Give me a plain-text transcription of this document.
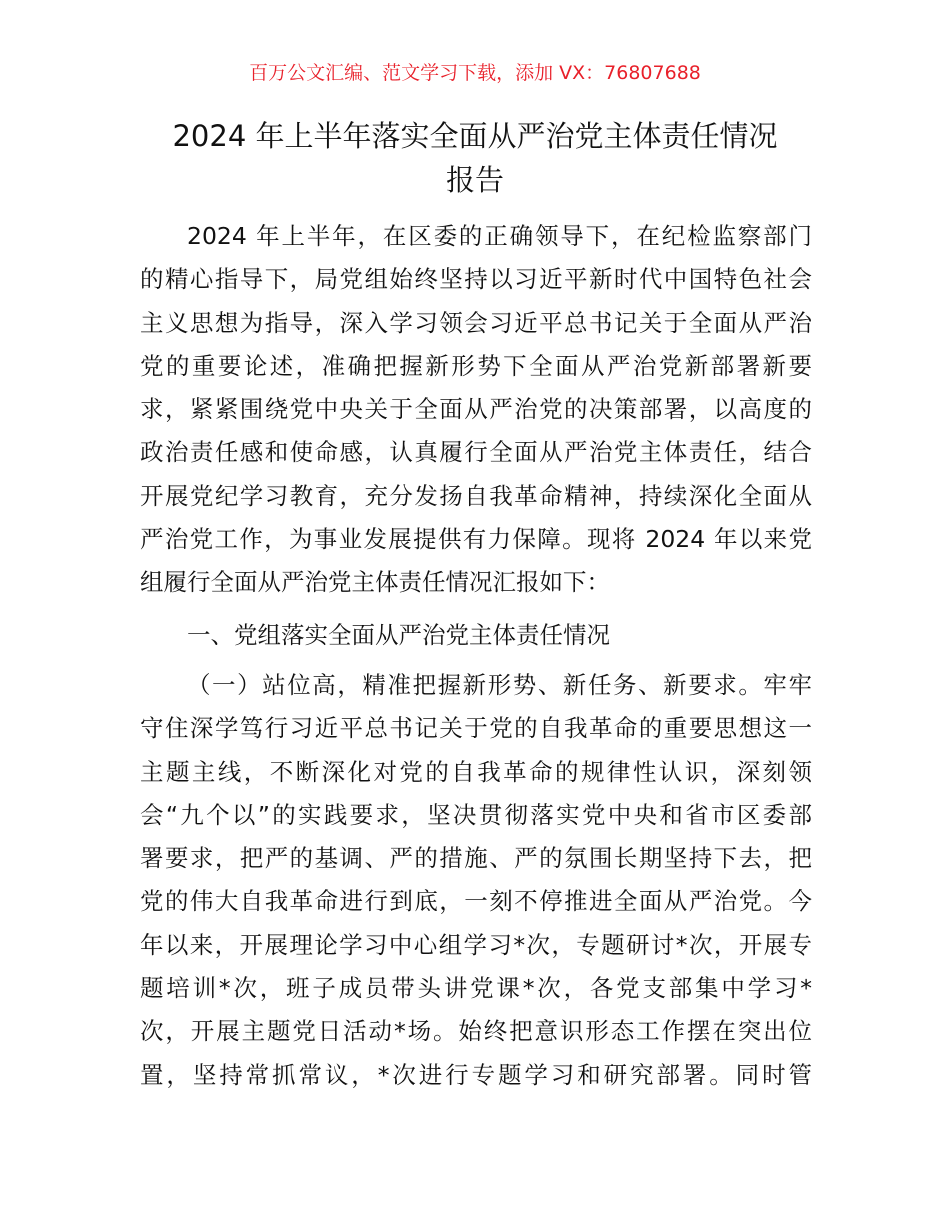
百万公文汇编、范文学习下载，添加 VX：76807688
2024 年上半年落实全面从严治党主体责任情况
报告
2024 年上半年，在区委的正确领导下，在纪检监察部门
的精心指导下，局党组始终坚持以习近平新时代中国特色社会
主义思想为指导，深入学习领会习近平总书记关于全面从严治
党的重要论述，准确把握新形势下全面从严治党新部署新要
求，紧紧围绕党中央关于全面从严治党的决策部署，以高度的
政治责任感和使命感，认真履行全面从严治党主体责任，结合
开展党纪学习教育，充分发扬自我革命精神，持续深化全面从
严治党工作，为事业发展提供有力保障。现将 2024 年以来党
组履行全面从严治党主体责任情况汇报如下：
一、党组落实全面从严治党主体责任情况
（一）站位高，精准把握新形势、新任务、新要求。牢牢
守住深学笃行习近平总书记关于党的自我革命的重要思想这一
主题主线，不断深化对党的自我革命的规律性认识，深刻领
会“九个以”的实践要求，坚决贯彻落实党中央和省市区委部
署要求，把严的基调、严的措施、严的氛围长期坚持下去，把
党的伟大自我革命进行到底，一刻不停推进全面从严治党。今
年以来，开展理论学习中心组学习*次，专题研讨*次，开展专
题培训*次，班子成员带头讲党课*次，各党支部集中学习*
次，开展主题党日活动*场。始终把意识形态工作摆在突出位
置，坚持常抓常议，*次进行专题学习和研究部署。同时管
